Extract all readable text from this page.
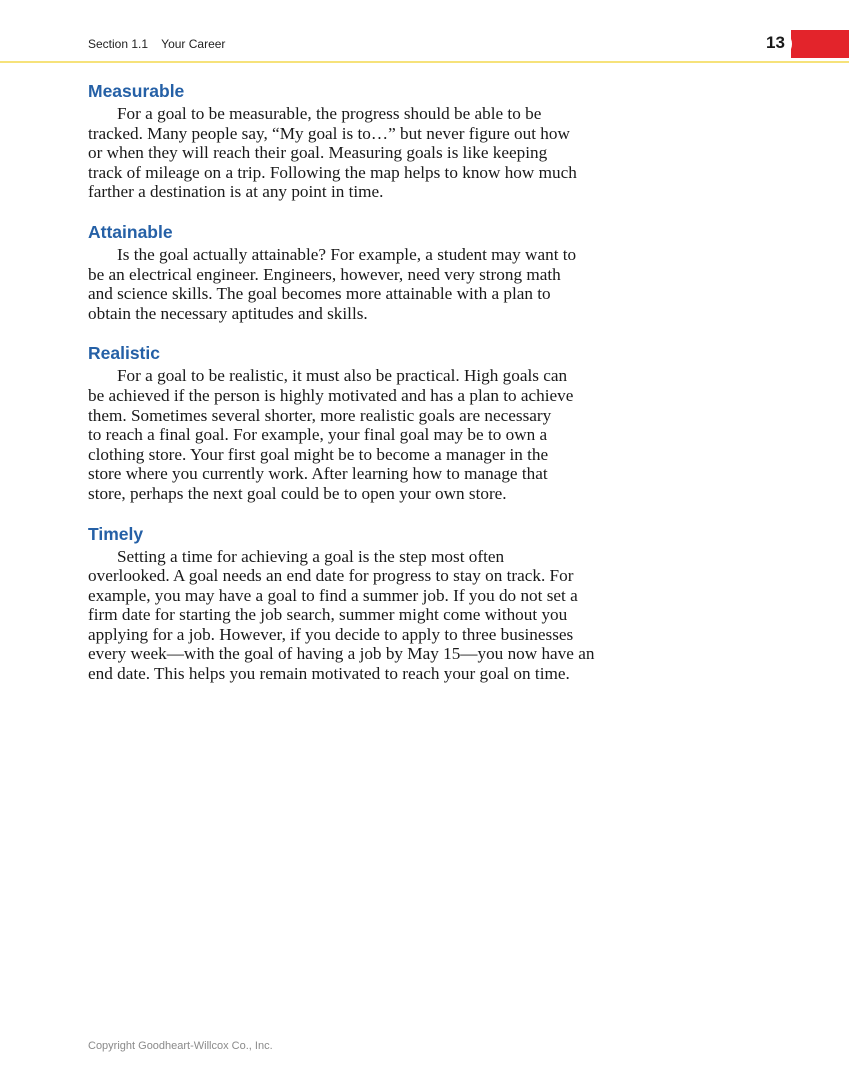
Section 1.1    Your Career	13
Measurable

For a goal to be measurable, the progress should be able to be
tracked. Many people say, “My goal is to…” but never figure out how
or when they will reach their goal. Measuring goals is like keeping
track of mileage on a trip. Following the map helps to know how much
farther a destination is at any point in time.

Attainable

Is the goal actually attainable? For example, a student may want to
be an electrical engineer. Engineers, however, need very strong math
and science skills. The goal becomes more attainable with a plan to
obtain the necessary aptitudes and skills.

Realistic

For a goal to be realistic, it must also be practical. High goals can
be achieved if the person is highly motivated and has a plan to achieve
them. Sometimes several shorter, more realistic goals are necessary
to reach a final goal. For example, your final goal may be to own a
clothing store. Your first goal might be to become a manager in the
store where you currently work. After learning how to manage that
store, perhaps the next goal could be to open your own store.

Timely

Setting a time for achieving a goal is the step most often
overlooked. A goal needs an end date for progress to stay on track. For
example, you may have a goal to find a summer job. If you do not set a
firm date for starting the job search, summer might come without you
applying for a job. However, if you decide to apply to three businesses
every week—with the goal of having a job by May 15—you now have an
end date. This helps you remain motivated to reach your goal on time.

Copyright Goodheart-Willcox Co., Inc.
